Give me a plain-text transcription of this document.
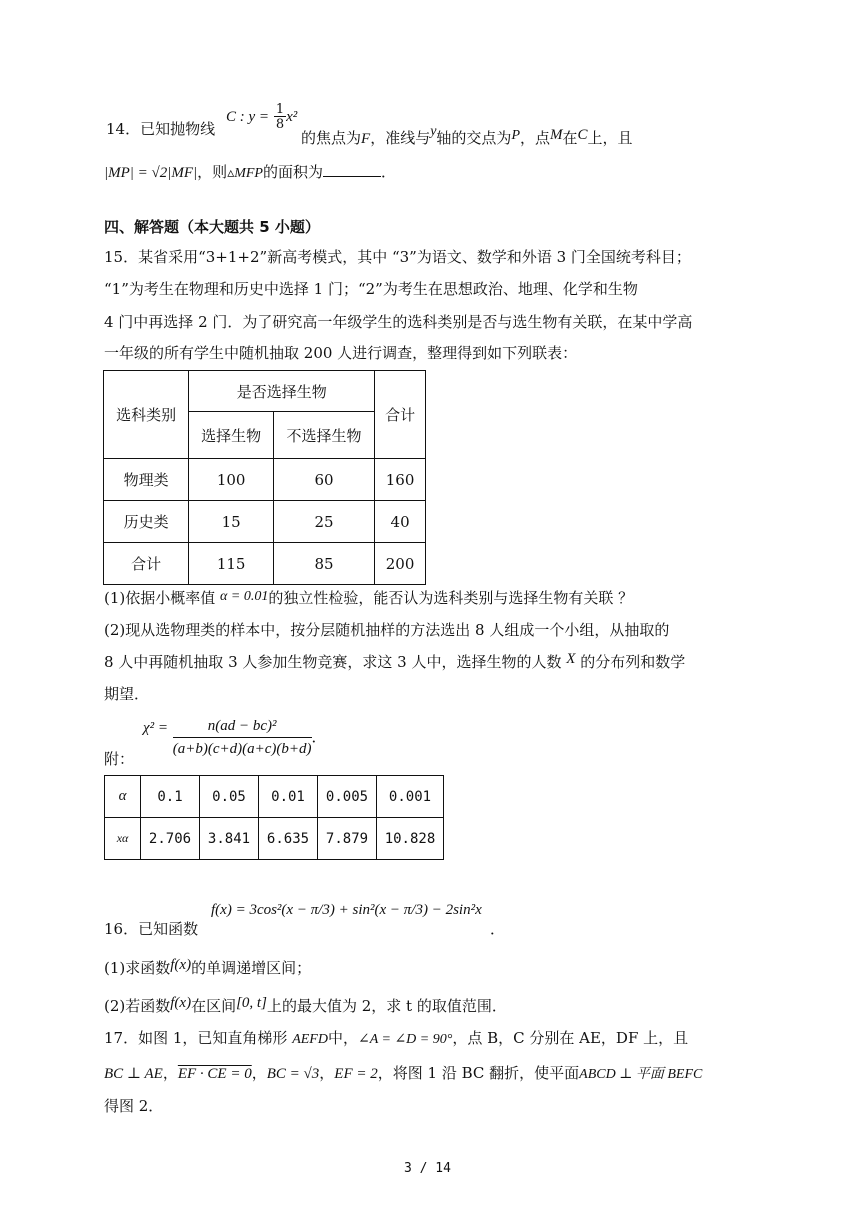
14．已知抛物线
C : $y = \frac{1}{8} x^2$
的焦点为F，准线与y轴的交点为P，点M在C上，且
|MP| = √2|MF|，则▵MFP的面积为	．
四、解答题（本大题共 5 小题）
15．某省采用“3+1+2”新高考模式，其中 “3”为语文、数学和外语 3 门全国统考科目；
“1”为考生在物理和历史中选择 1 门；“2”为考生在思想政治、地理、化学和生物
4 门中再选择 2 门．为了研究高一年级学生的选科类别是否与选生物有关联，在某中学高
一年级的所有学生中随机抽取 200 人进行调查，整理得到如下列联表：
选科类别	是否选择生物		合计
	选择生物	不选择生物	
物理类	100	60	160
历史类	15	25	40
合计	115	85	200
(1)依据小概率值 α = 0.01的独立性检验，能否认为选科类别与选择生物有关联 ？
(2)现从选物理类的样本中，按分层随机抽样的方法选出 8 人组成一个小组，从抽取的
8 人中再随机抽取 3 人参加生物竞赛，求这 3 人中，选择生物的人数 X 的分布列和数学
期望．
附：
$\chi^2 = \frac{\text{n(ad − bc)²}}{(a+b)(c+d)(a+c)(b+d)}$ ．
α	0.1	0.05	0.01	0.005	0.001
xα	2.706	3.841	6.635	7.879	10.828
16．已知函数
f(x) = 3cos²(x − π/3) + sin²(x − π/3) − 2sin²x
．
(1)求函数f(x)的单调递增区间；
(2)若函数f(x)在区间[0, t]上的最大值为 2，求 t 的取值范围．
17．如图 1，已知直角梯形 AEFD中，∠A = ∠D = 90°，点 B，C 分别在 AE，DF 上，且
BC ⊥ AE，EF · CE = 0，BC = √3，EF = 2，将图 1 沿 BC 翻折，使平面ABCD ⊥ 平面 BEFC
得图 2．
3 / 14
